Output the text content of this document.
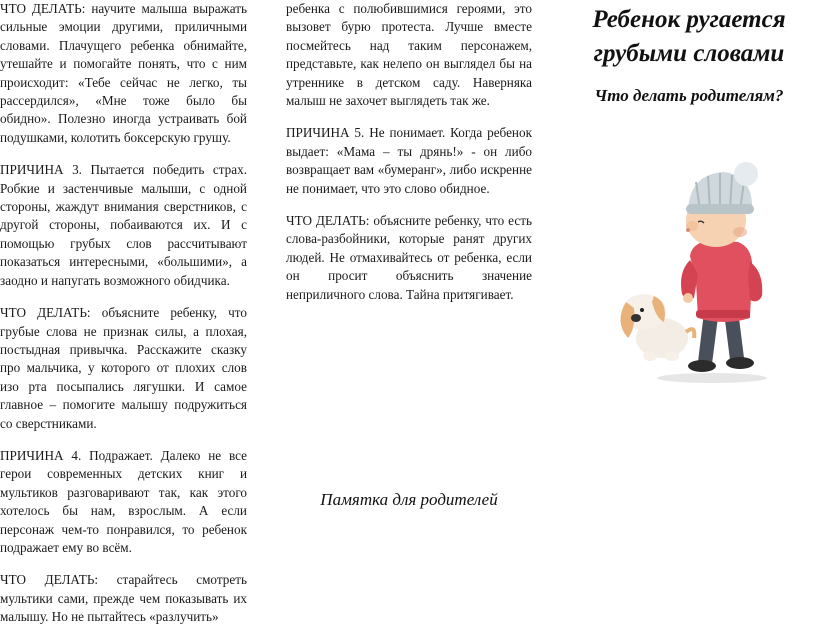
ЧТО ДЕЛАТЬ: научите малыша выражать сильные эмоции другими, приличными словами. Плачущего ребенка обнимайте, утешайте и помогайте понять, что с ним происходит: «Тебе сейчас не легко, ты рассердился», «Мне тоже было бы обидно». Полезно иногда устраивать бой подушками, колотить боксерскую грушу.

ПРИЧИНА 3. Пытается победить страх. Робкие и застенчивые малыши, с одной стороны, жаждут внимания сверстников, с другой стороны, побаиваются их. И с помощью грубых слов рассчитывают показаться интересными, «большими», а заодно и напугать возможного обидчика.

ЧТО ДЕЛАТЬ: объясните ребенку, что грубые слова не признак силы, а плохая, постыдная привычка. Расскажите сказку про мальчика, у которого от плохих слов изо рта посыпались лягушки. И самое главное – помогите малышу подружиться со сверстниками.

ПРИЧИНА 4. Подражает. Далеко не все герои современных детских книг и мультиков разговаривают так, как этого хотелось бы нам, взрослым. А если персонаж чем-то понравился, то ребенок подражает ему во всём.

ЧТО ДЕЛАТЬ: старайтесь смотреть мультики сами, прежде чем показывать их малышу. Но не пытайтесь «разлучить»

ребенка с полюбившимися героями, это вызовет бурю протеста. Лучше вместе посмейтесь над таким персонажем, представьте, как нелепо он выглядел бы на утреннике в детском саду. Наверняка малыш не захочет выглядеть так же.

ПРИЧИНА 5. Не понимает. Когда ребенок выдает: «Мама – ты дрянь!» - он либо возвращает вам «бумеранг», либо искренне не понимает, что это слово обидное.

ЧТО ДЕЛАТЬ: объясните ребенку, что есть слова-разбойники, которые ранят других людей. Не отмахивайтесь от ребенка, если он просит объяснить значение неприличного слова. Тайна притягивает.

Памятка для родителей
Ребенок ругается грубыми словами
Что делать родителям?
